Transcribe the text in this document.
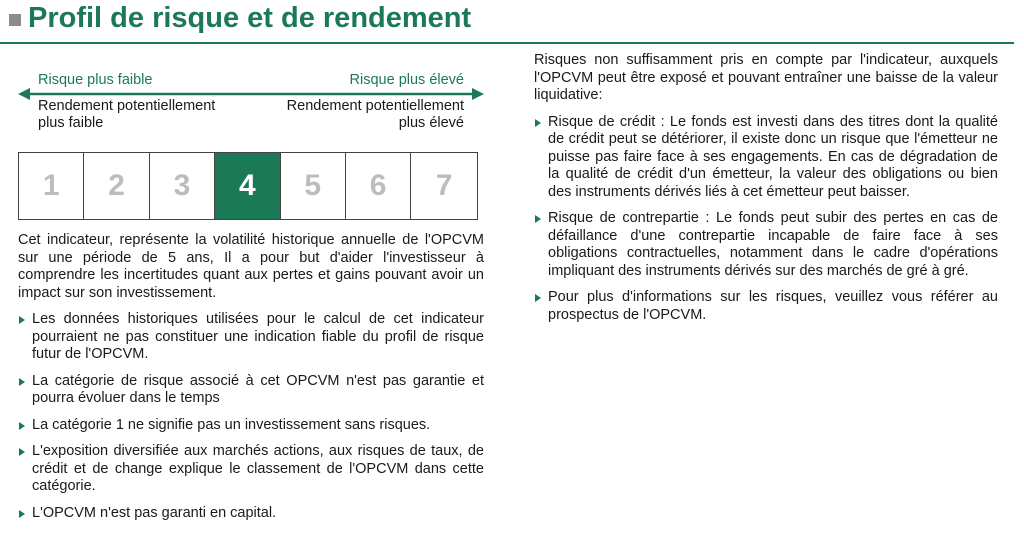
Profil de risque et de rendement
Risque plus faible	Risque plus élevé
Rendement potentiellement
plus faible
Rendement potentiellement
plus élevé
1	2	3	4	5	6	7

Cet indicateur, représente la volatilité historique annuelle de l'OPCVM sur une période de 5 ans, Il a pour but d'aider l'investisseur à comprendre les incertitudes quant aux pertes et gains pouvant avoir un impact sur son investissement.

Les données historiques utilisées pour le calcul de cet indicateur pourraient ne pas constituer une indication fiable du profil de risque futur de l'OPCVM.
La catégorie de risque associé à cet OPCVM n'est pas garantie et pourra évoluer dans le temps
La catégorie 1 ne signifie pas un investissement sans risques.
L'exposition diversifiée aux marchés actions, aux risques de taux, de crédit et de change explique le classement de l'OPCVM dans cette catégorie.
L'OPCVM n'est pas garanti en capital.

Risques non suffisamment pris en compte par l'indicateur, auxquels l'OPCVM peut être exposé et pouvant entraîner une baisse de la valeur liquidative:

Risque de crédit : Le fonds est investi dans des titres dont la qualité de crédit peut se détériorer, il existe donc un risque que l'émetteur ne puisse pas faire face à ses engagements. En cas de dégradation de la qualité de crédit d'un émetteur, la valeur des obligations ou bien des instruments dérivés liés à cet émetteur peut baisser.
Risque de contrepartie : Le fonds peut subir des pertes en cas de défaillance d'une contrepartie incapable de faire face à ses obligations contractuelles, notamment dans le cadre d'opérations impliquant des instruments dérivés sur des marchés de gré à gré.
Pour plus d'informations sur les risques, veuillez vous référer au prospectus de l'OPCVM.
